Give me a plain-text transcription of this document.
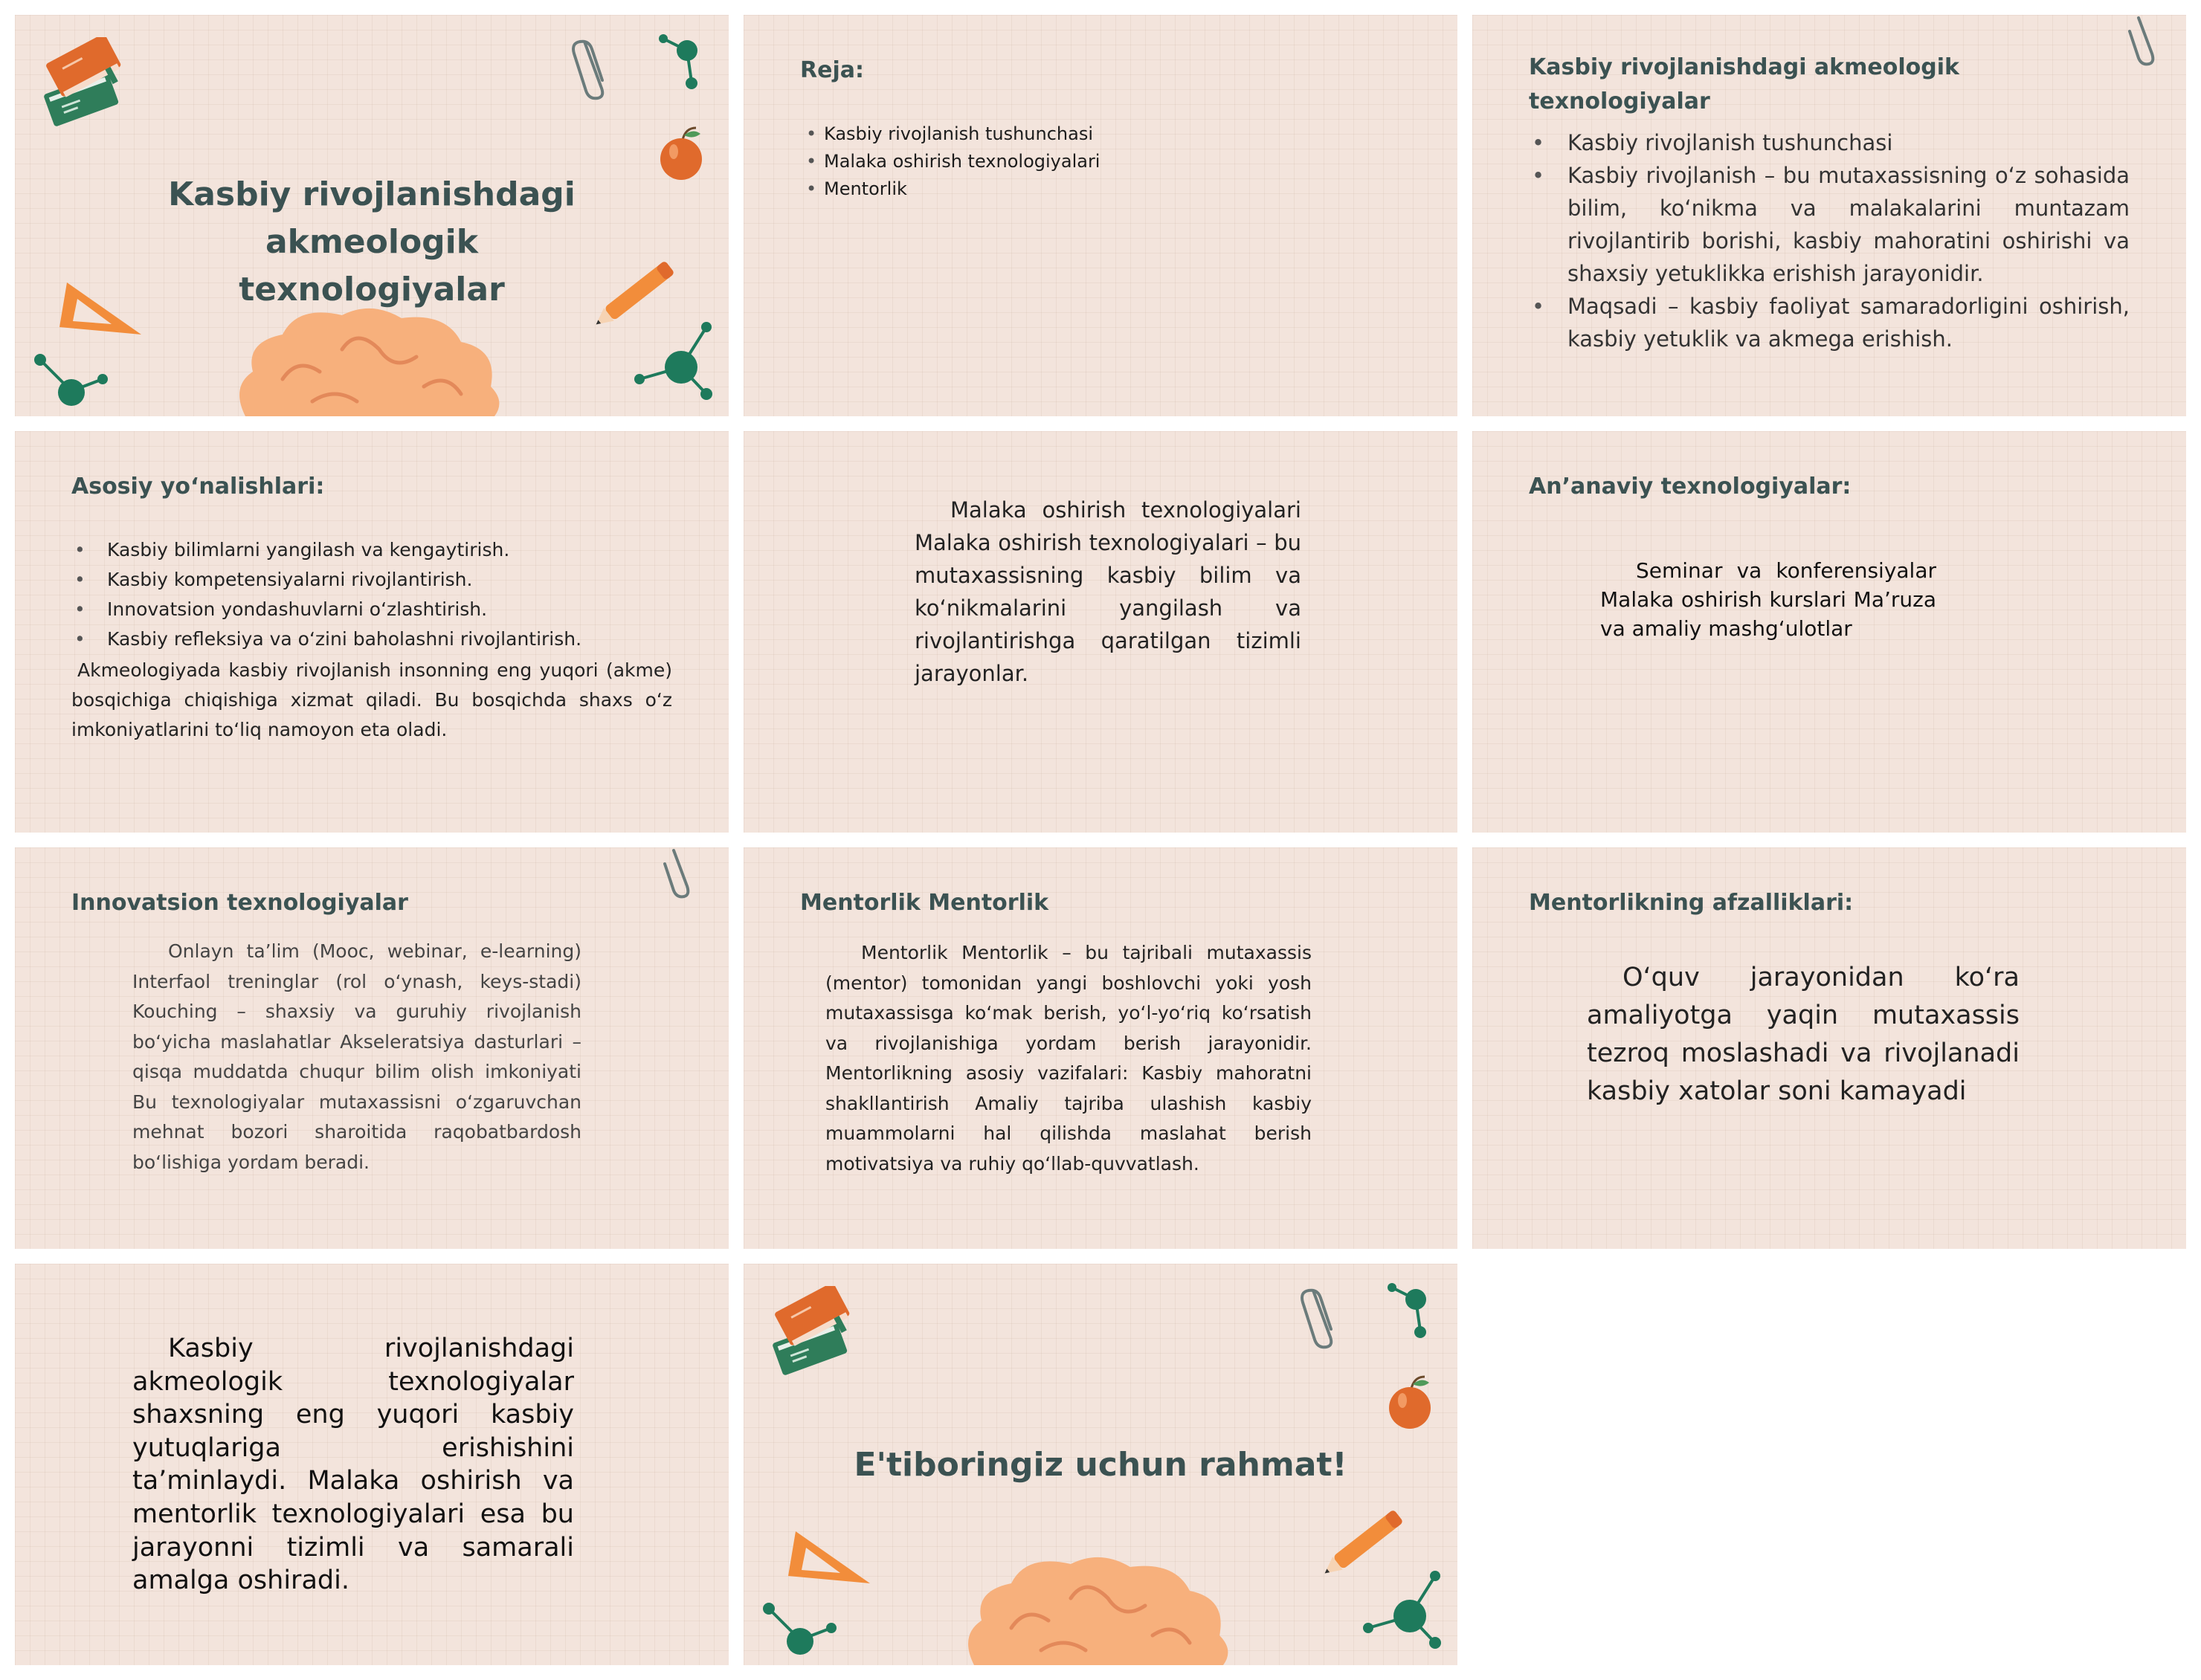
Kasbiy rivojlanishdagi akmeologik texnologiyalar
Reja:
• Kasbiy rivojlanish tushunchasi
• Malaka oshirish texnologiyalari
• Mentorlik
Kasbiy rivojlanishdagi akmeologik texnologiyalar
• Kasbiy rivojlanish tushunchasi
• Kasbiy rivojlanish – bu mutaxassisning o‘z sohasida bilim, ko‘nikma va malakalarini muntazam rivojlantirib borishi, kasbiy mahoratini oshirishi va shaxsiy yetuklikka erishish jarayonidir.
• Maqsadi – kasbiy faoliyat samaradorligini oshirish, kasbiy yetuklik va akmega erishish.
Asosiy yo‘nalishlari:
• Kasbiy bilimlarni yangilash va kengaytirish.
• Kasbiy kompetensiyalarni rivojlantirish.
• Innovatsion yondashuvlarni o‘zlashtirish.
• Kasbiy refleksiya va o‘zini baholashni rivojlantirish.
Akmeologiyada kasbiy rivojlanish insonning eng yuqori (akme) bosqichiga chiqishiga xizmat qiladi. Bu bosqichda shaxs o‘z imkoniyatlarini to‘liq namoyon eta oladi.
Malaka oshirish texnologiyalari Malaka oshirish texnologiyalari – bu mutaxassisning kasbiy bilim va ko‘nikmalarini yangilash va rivojlantirishga qaratilgan tizimli jarayonlar.
An’anaviy texnologiyalar:
Seminar va konferensiyalar Malaka oshirish kurslari Ma’ruza va amaliy mashg‘ulotlar
Innovatsion texnologiyalar
Onlayn ta’lim (Mooc, webinar, e-learning) Interfaol treninglar (rol o‘ynash, keys-stadi) Kouching – shaxsiy va guruhiy rivojlanish bo‘yicha maslahatlar Akseleratsiya dasturlari – qisqa muddatda chuqur bilim olish imkoniyati Bu texnologiyalar mutaxassisni o‘zgaruvchan mehnat bozori sharoitida raqobatbardosh bo‘lishiga yordam beradi.
Mentorlik Mentorlik
Mentorlik Mentorlik – bu tajribali mutaxassis (mentor) tomonidan yangi boshlovchi yoki yosh mutaxassisga ko‘mak berish, yo‘l-yo‘riq ko‘rsatish va rivojlanishiga yordam berish jarayonidir. Mentorlikning asosiy vazifalari: Kasbiy mahoratni shakllantirish Amaliy tajriba ulashish kasbiy muammolarni hal qilishda maslahat berish motivatsiya va ruhiy qo‘llab-quvvatlash.
Mentorlikning afzalliklari:
O‘quv jarayonidan ko‘ra amaliyotga yaqin mutaxassis tezroq moslashadi va rivojlanadi kasbiy xatolar soni kamayadi
Kasbiy rivojlanishdagi akmeologik texnologiyalar shaxsning eng yuqori kasbiy yutuqlariga erishishini ta’minlaydi. Malaka oshirish va mentorlik texnologiyalari esa bu jarayonni tizimli va samarali amalga oshiradi.
E'tiboringiz uchun rahmat!
